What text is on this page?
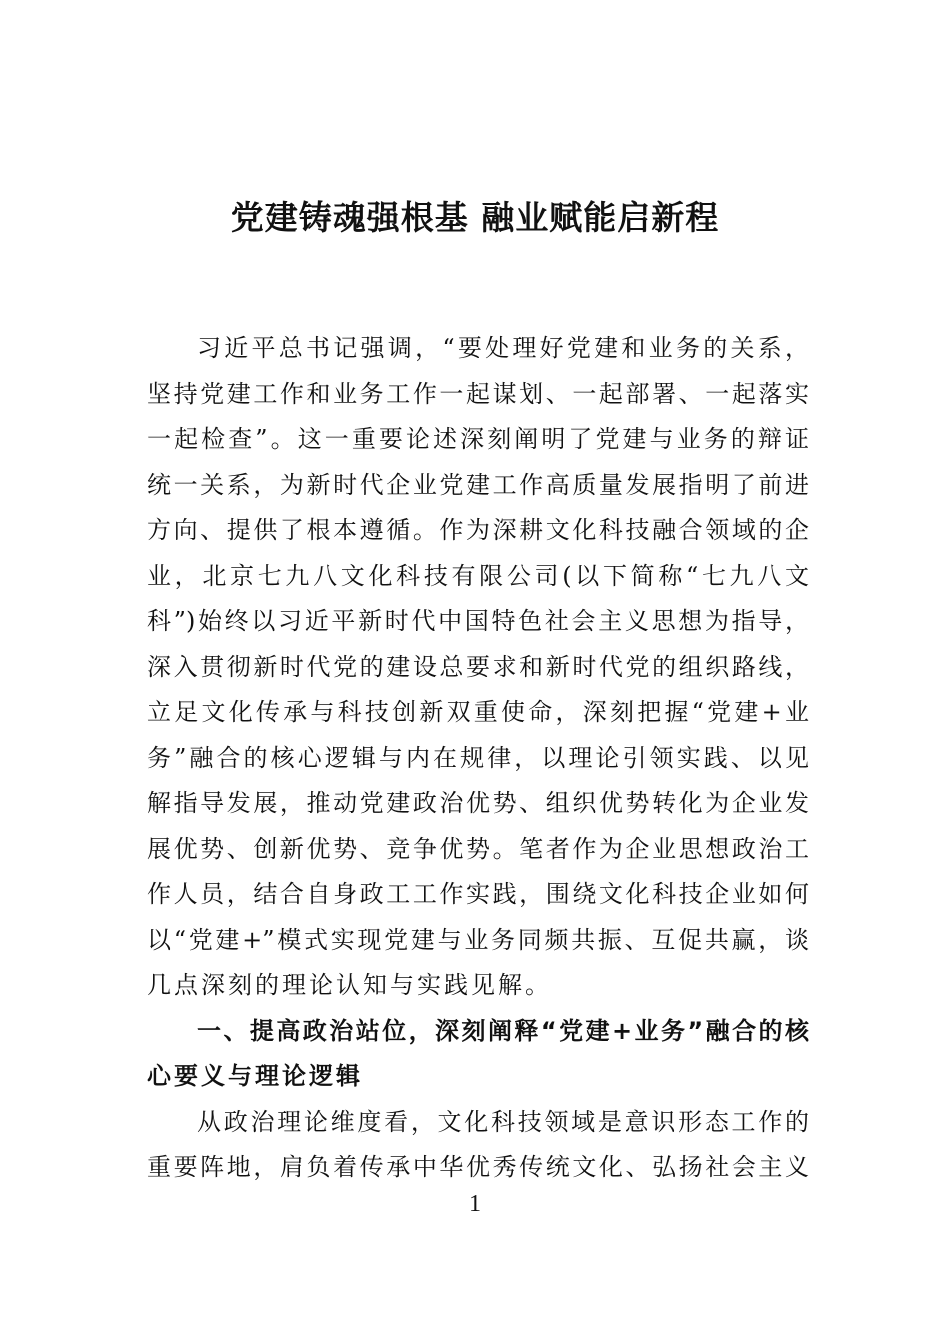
党建铸魂强根基 融业赋能启新程
习近平总书记强调，“要处理好党建和业务的关系，
坚持党建工作和业务工作一起谋划、一起部署、一起落实
一起检查”。这一重要论述深刻阐明了党建与业务的辩证
统一关系，为新时代企业党建工作高质量发展指明了前进
方向、提供了根本遵循。作为深耕文化科技融合领域的企
业，北京七九八文化科技有限公司(以下简称“七九八文
科”)始终以习近平新时代中国特色社会主义思想为指导，
深入贯彻新时代党的建设总要求和新时代党的组织路线，
立足文化传承与科技创新双重使命，深刻把握“党建+业
务”融合的核心逻辑与内在规律，以理论引领实践、以见
解指导发展，推动党建政治优势、组织优势转化为企业发
展优势、创新优势、竞争优势。笔者作为企业思想政治工
作人员，结合自身政工工作实践，围绕文化科技企业如何
以“党建+”模式实现党建与业务同频共振、互促共赢，谈
几点深刻的理论认知与实践见解。
一、提高政治站位，深刻阐释“党建+业务”融合的核
心要义与理论逻辑
从政治理论维度看，文化科技领域是意识形态工作的
重要阵地，肩负着传承中华优秀传统文化、弘扬社会主义
1
